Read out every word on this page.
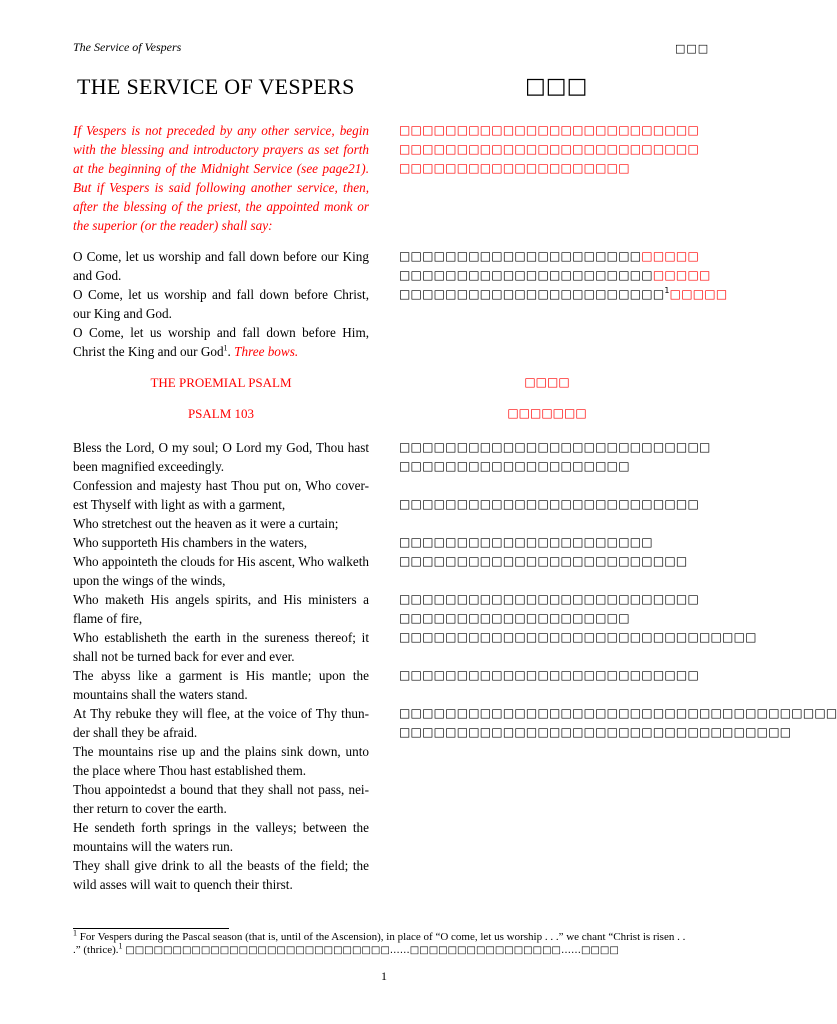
The Service of Vespers	□□□
THE SERVICE OF VESPERS	□□□
If Vespers is not preceded by any other service, begin with the blessing and introductory prayers as set forth at the beginning of the Midnight Service (see page21). But if Vespers is said following another service, then, after the blessing of the priest, the appointed monk or the superior (or the reader) shall say:
□□□□□□□□□□□□□□□□□□□□□□□□□□□□□□□□□□□□□□□□□□□□□□□□□□□□□□□□□□□□□□□□□□□□□□□□
O Come, let us worship and fall down before our King and God.
O Come, let us worship and fall down before Christ, our King and God.
O Come, let us worship and fall down before Him, Christ the King and our God$^1$. Three bows.
□□□□□□□□□□□□□□□□□□□□□□□□□□
□□□□□□□□□□□□□□□□□□□□□□□□□□□
□□□□□□□□□□□□□□□□□□□□□□□$^1$□□□□□
THE PROEMIAL PSALM
PSALM 103
□□□□
□□□□□□□
Bless the Lord, O my soul; O Lord my God, Thou hast been magnified exceedingly.
Confession and majesty hast Thou put on, Who cover-est Thyself with light as with a garment,
Who stretchest out the heaven as it were a curtain;
Who supporteth His chambers in the waters,
Who appointeth the clouds for His ascent, Who walketh upon the wings of the winds,
Who maketh His angels spirits, and His ministers a flame of fire,
Who establisheth the earth in the sureness thereof; it shall not be turned back for ever and ever.
The abyss like a garment is His mantle; upon the mountains shall the waters stand.
At Thy rebuke they will flee, at the voice of Thy thun-der shall they be afraid.
The mountains rise up and the plains sink down, unto the place where Thou hast established them.
Thou appointedst a bound that they shall not pass, nei-ther return to cover the earth.
He sendeth forth springs in the valleys; between the mountains will the waters run.
They shall give drink to all the beasts of the field; the wild asses will wait to quench their thirst.
□□□□□□□□□□□□□□□□□□□□□□□□□□□
□□□□□□□□□□□□□□□□□□□□
□□□□□□□□□□□□□□□□□□□□□□□□□□
□□□□□□□□□□□□□□□□□□□□□□
□□□□□□□□□□□□□□□□□□□□□□□□□
□□□□□□□□□□□□□□□□□□□□□□□□□□
□□□□□□□□□□□□□□□□□□□□
□□□□□□□□□□□□□□□□□□□□□□□□□□□□□□□
□□□□□□□□□□□□□□□□□□□□□□□□□□
□□□□□□□□□□□□□□□□□□□□□□□□□□□□□□□□□□□□□□
□□□□□□□□□□□□□□□□□□□□□□□□□□□□□□□□□□
$^1$ For Vespers during the Pascal season (that is, until of the Ascension), in place of “O come, let us worship . . .” we chant “Christ is risen . . .” (thrice).$^1$ □□□□□□□□□□□□□□□□□□□□□□□□□□□□……□□□□□□□□□□□□□□□□……□□□□
1
